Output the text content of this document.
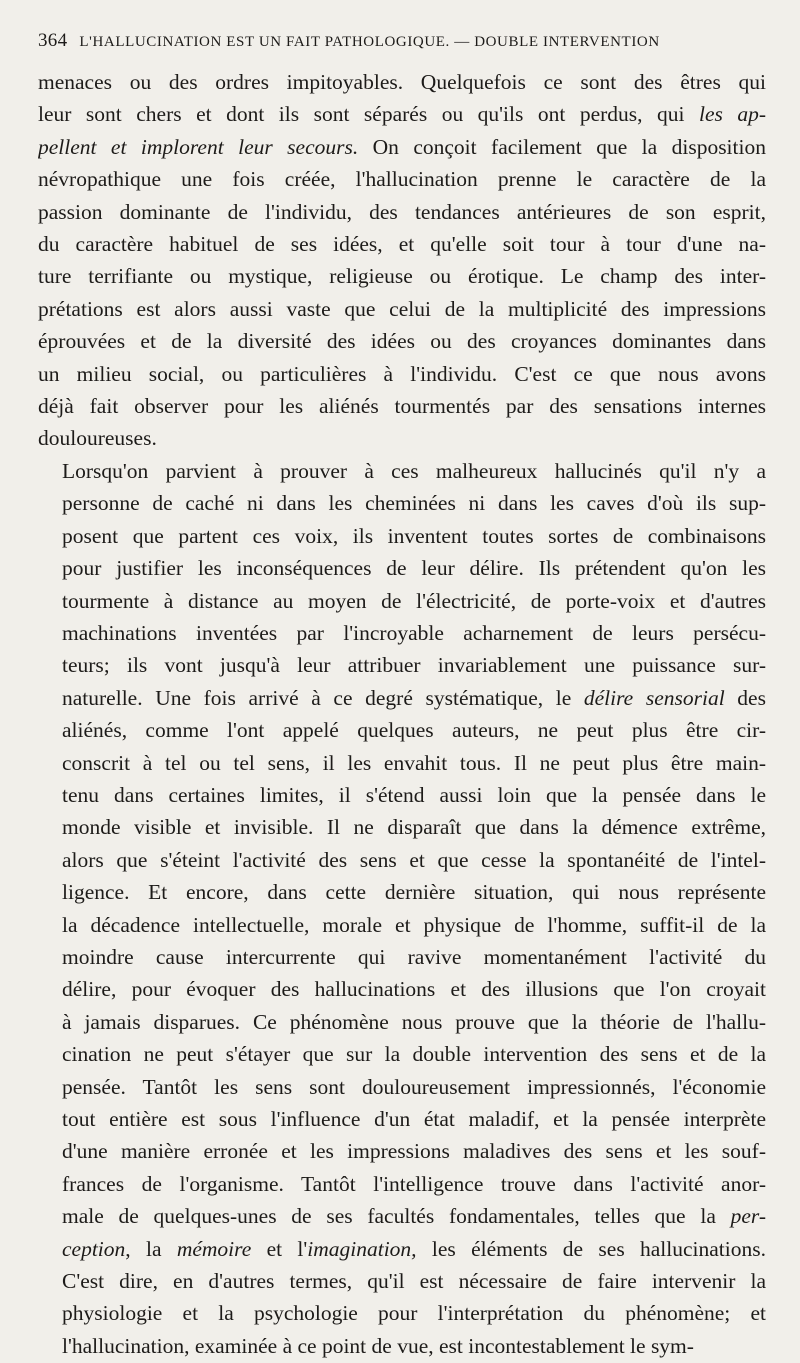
364 L'HALLUCINATION EST UN FAIT PATHOLOGIQUE. — DOUBLE INTERVENTION

menaces ou des ordres impitoyables. Quelquefois ce sont des êtres qui
leur sont chers et dont ils sont séparés ou qu'ils ont perdus, qui les ap-
pellent et implorent leur secours. On conçoit facilement que la disposition
névropathique une fois créée, l'hallucination prenne le caractère de la
passion dominante de l'individu, des tendances antérieures de son esprit,
du caractère habituel de ses idées, et qu'elle soit tour à tour d'une na-
ture terrifiante ou mystique, religieuse ou érotique. Le champ des inter-
prétations est alors aussi vaste que celui de la multiplicité des impressions
éprouvées et de la diversité des idées ou des croyances dominantes dans
un milieu social, ou particulières à l'individu. C'est ce que nous avons
déjà fait observer pour les aliénés tourmentés par des sensations internes
douloureuses.

Lorsqu'on parvient à prouver à ces malheureux hallucinés qu'il n'y a
personne de caché ni dans les cheminées ni dans les caves d'où ils sup-
posent que partent ces voix, ils inventent toutes sortes de combinaisons
pour justifier les inconséquences de leur délire. Ils prétendent qu'on les
tourmente à distance au moyen de l'électricité, de porte-voix et d'autres
machinations inventées par l'incroyable acharnement de leurs persécu-
teurs; ils vont jusqu'à leur attribuer invariablement une puissance sur-
naturelle. Une fois arrivé à ce degré systématique, le délire sensorial des
aliénés, comme l'ont appelé quelques auteurs, ne peut plus être cir-
conscrit à tel ou tel sens, il les envahit tous. Il ne peut plus être main-
tenu dans certaines limites, il s'étend aussi loin que la pensée dans le
monde visible et invisible. Il ne disparaît que dans la démence extrême,
alors que s'éteint l'activité des sens et que cesse la spontanéité de l'intel-
ligence. Et encore, dans cette dernière situation, qui nous représente
la décadence intellectuelle, morale et physique de l'homme, suffit-il de la
moindre cause intercurrente qui ravive momentanément l'activité du
délire, pour évoquer des hallucinations et des illusions que l'on croyait
à jamais disparues. Ce phénomène nous prouve que la théorie de l'hallu-
cination ne peut s'étayer que sur la double intervention des sens et de la
pensée. Tantôt les sens sont douloureusement impressionnés, l'économie
tout entière est sous l'influence d'un état maladif, et la pensée interprète
d'une manière erronée et les impressions maladives des sens et les souf-
frances de l'organisme. Tantôt l'intelligence trouve dans l'activité anor-
male de quelques-unes de ses facultés fondamentales, telles que la per-
ception, la mémoire et l'imagination, les éléments de ses hallucinations.
C'est dire, en d'autres termes, qu'il est nécessaire de faire intervenir la
physiologie et la psychologie pour l'interprétation du phénomène; et
l'hallucination, examinée à ce point de vue, est incontestablement le sym-
